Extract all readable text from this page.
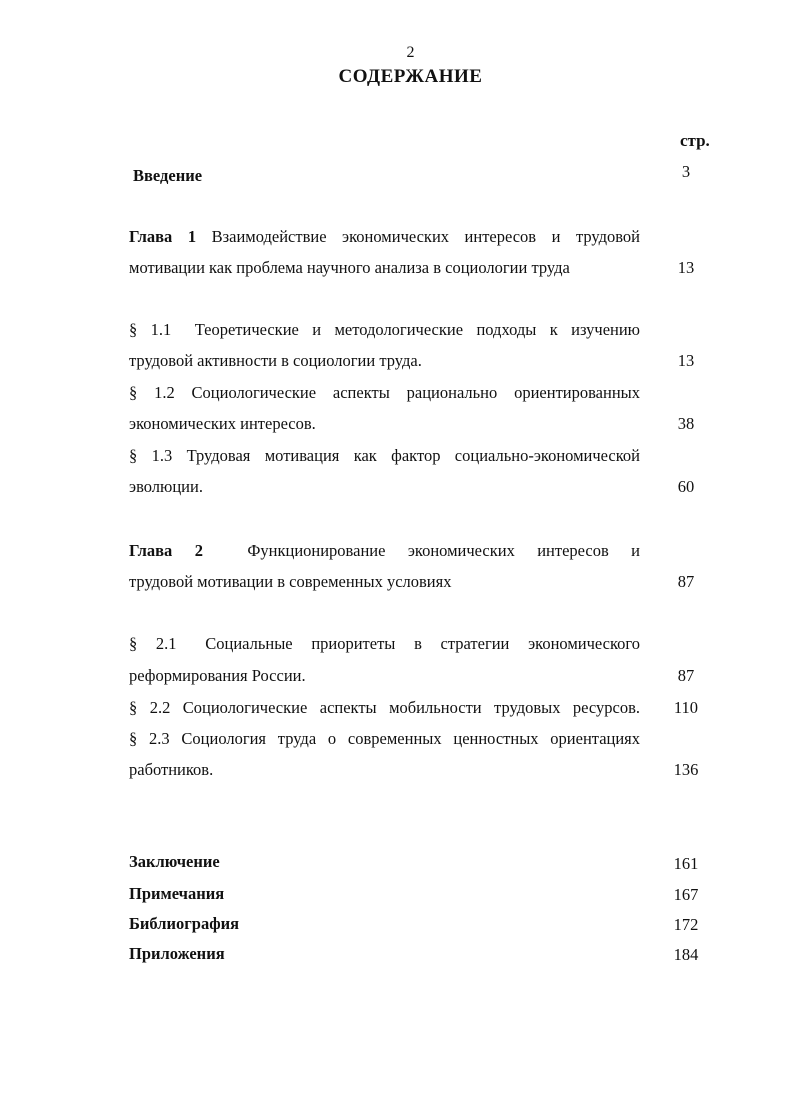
2
СОДЕРЖАНИЕ
стр.
Введение	3
Глава 1 Взаимодействие экономических интересов и трудовой
мотивации как проблема научного анализа в социологии труда	13
§ 1.1 Теоретические и методологические подходы к изучению
трудовой активности в социологии труда.	13
§ 1.2 Социологические аспекты рационально ориентированных
экономических интересов.	38
§ 1.3 Трудовая мотивация как фактор социально-экономической
эволюции.	60
Глава 2	Функционирование экономических интересов и
трудовой мотивации в современных условиях	87
§ 2.1 Социальные приоритеты в стратегии экономического
реформирования России.	87
§ 2.2 Социологические аспекты мобильности трудовых ресурсов.	110
§ 2.3 Социология труда о современных ценностных ориентациях
работников.	136
Заключение	161
Примечания	167
Библиография	172
Приложения	184
